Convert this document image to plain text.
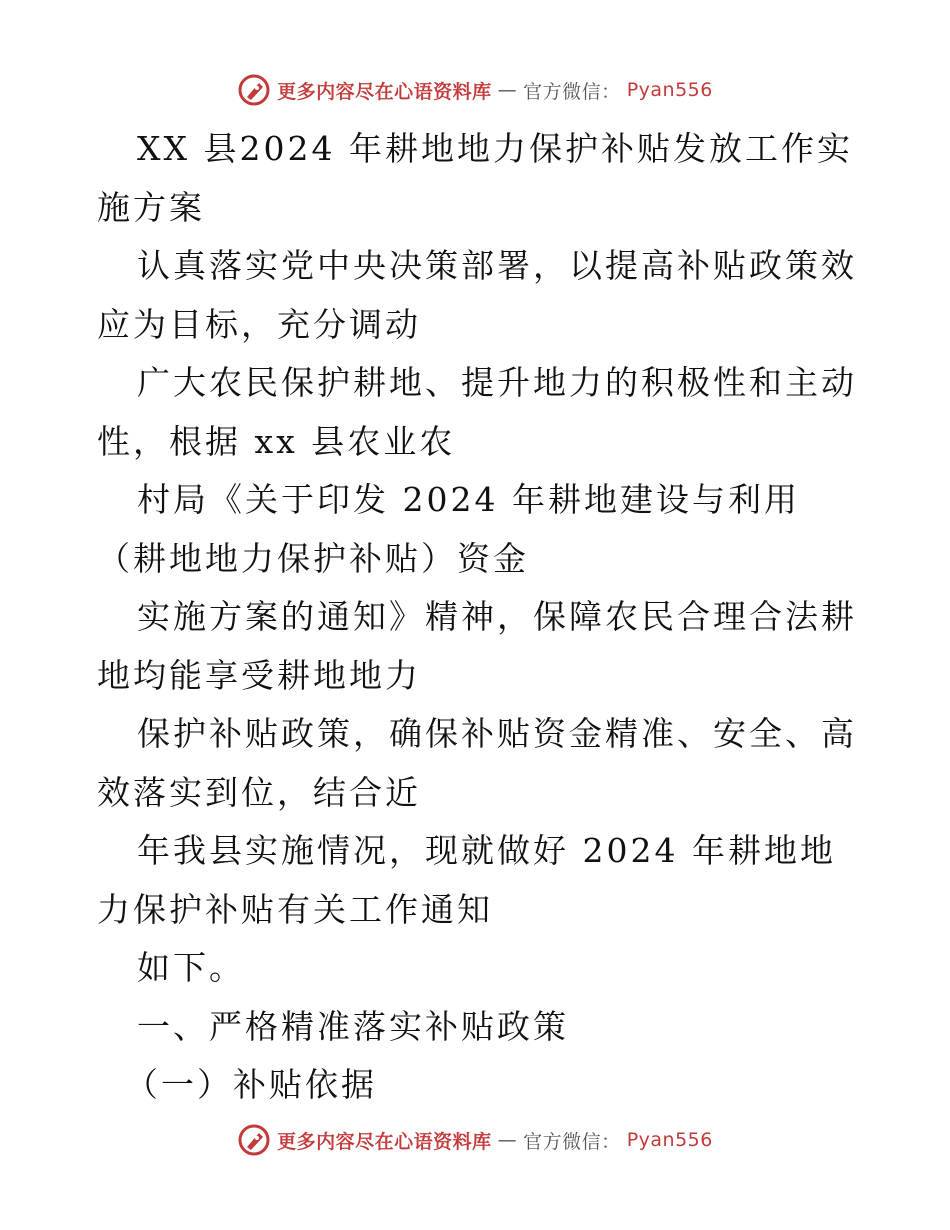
更多内容尽在心语资料库 — 官方微信： Pyan556

XX 县2024 年耕地地力保护补贴发放工作实施方案

认真落实党中央决策部署，以提高补贴政策效应为目标，充分调动

广大农民保护耕地、提升地力的积极性和主动性，根据 xx 县农业农

村局《关于印发 2024 年耕地建设与利用（耕地地力保护补贴）资金

实施方案的通知》精神，保障农民合理合法耕地均能享受耕地地力

保护补贴政策，确保补贴资金精准、安全、高效落实到位，结合近

年我县实施情况，现就做好 2024 年耕地地力保护补贴有关工作通知

如下。

一、严格精准落实补贴政策

（一）补贴依据

更多内容尽在心语资料库 — 官方微信： Pyan556
